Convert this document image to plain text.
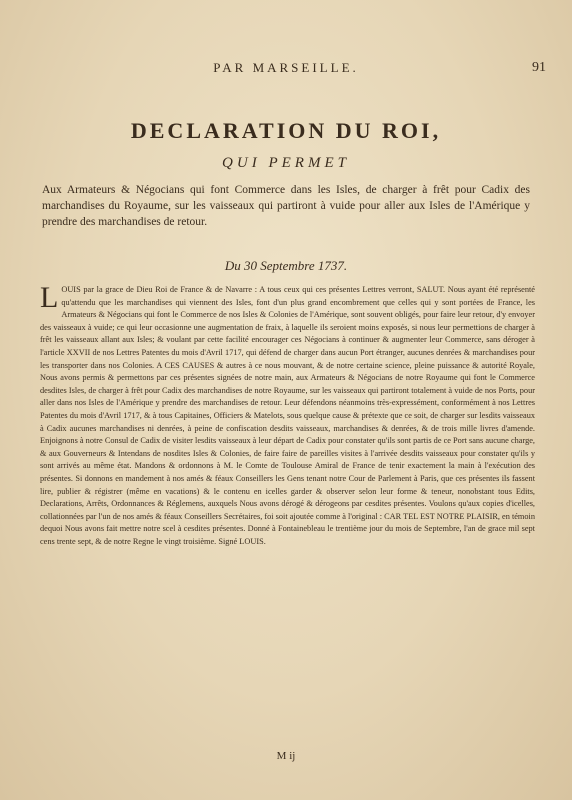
PAR MARSEILLE.	91
DECLARATION DU ROI,
QUI PERMET
Aux Armateurs & Négocians qui font Commerce dans les Isles, de charger à frêt pour Cadix des marchandises du Royaume, sur les vaisseaux qui partiront à vuide pour aller aux Isles de l'Amérique y prendre des marchandises de retour.
Du 30 Septembre 1737.
LOUIS par la grace de Dieu Roi de France & de Navarre : A tous ceux qui ces présentes Lettres verront, SALUT. Nous ayant été représenté qu'attendu que les marchandises qui viennent des Isles, font d'un plus grand encombrement que celles qui y sont portées de France, les Armateurs & Négocians qui font le Commerce de nos Isles & Colonies de l'Amérique, sont souvent obligés, pour faire leur retour, d'y envoyer des vaisseaux à vuide; ce qui leur occasionne une augmentation de fraix, à laquelle ils seroient moins exposés, si nous leur permettions de charger à frêt les vaisseaux allant aux Isles; & voulant par cette facilité encourager ces Négocians à continuer & augmenter leur Commerce, sans déroger à l'article XXVII de nos Lettres Patentes du mois d'Avril 1717, qui défend de charger dans aucun Port étranger, aucunes denrées & marchandises pour les transporter dans nos Colonies. A CES CAUSES & autres à ce nous mouvant, & de notre certaine science, pleine puissance & autorité Royale, Nous avons permis & permettons par ces présentes signées de notre main, aux Armateurs & Négocians de notre Royaume qui font le Commerce desdites Isles, de charger à frêt pour Cadix des marchandises de notre Royaume, sur les vaisseaux qui partiront totalement à vuide de nos Ports, pour aller dans nos Isles de l'Amérique y prendre des marchandises de retour. Leur défendons néanmoins très-expressément, conformément à nos Lettres Patentes du mois d'Avril 1717, & à tous Capitaines, Officiers & Matelots, sous quelque cause & prétexte que ce soit, de charger sur lesdits vaisseaux à Cadix aucunes marchandises ni denrées, à peine de confiscation desdits vaisseaux, marchandises & denrées, & de trois mille livres d'amende. Enjoignons à notre Consul de Cadix de visiter lesdits vaisseaux à leur départ de Cadix pour constater qu'ils sont partis de ce Port sans aucune charge, & aux Gouverneurs & Intendans de nosdites Isles & Colonies, de faire faire de pareilles visites à l'arrivée desdits vaisseaux pour constater qu'ils y sont arrivés au même état. Mandons & ordonnons à M. le Comte de Toulouse Amiral de France de tenir exactement la main à l'exécution des présentes. Si donnons en mandement à nos amés & féaux Conseillers les Gens tenant notre Cour de Parlement à Paris, que ces présentes ils fassent lire, publier & régistrer (même en vacations) & le contenu en icelles garder & observer selon leur forme & teneur, nonobstant tous Edits, Declarations, Arrêts, Ordonnances & Réglemens, auxquels Nous avons dérogé & dérogeons par cesdites présentes. Voulons qu'aux copies d'icelles, collationnées par l'un de nos amés & féaux Conseillers Secrétaires, foi soit ajoutée comme à l'original : CAR TEL EST NOTRE PLAISIR, en témoin dequoi Nous avons fait mettre notre scel à cesdites présentes. Donné à Fontainebleau le trentième jour du mois de Septembre, l'an de grace mil sept cens trente sept, & de notre Regne le vingt troisième. Signé LOUIS.
M ij
